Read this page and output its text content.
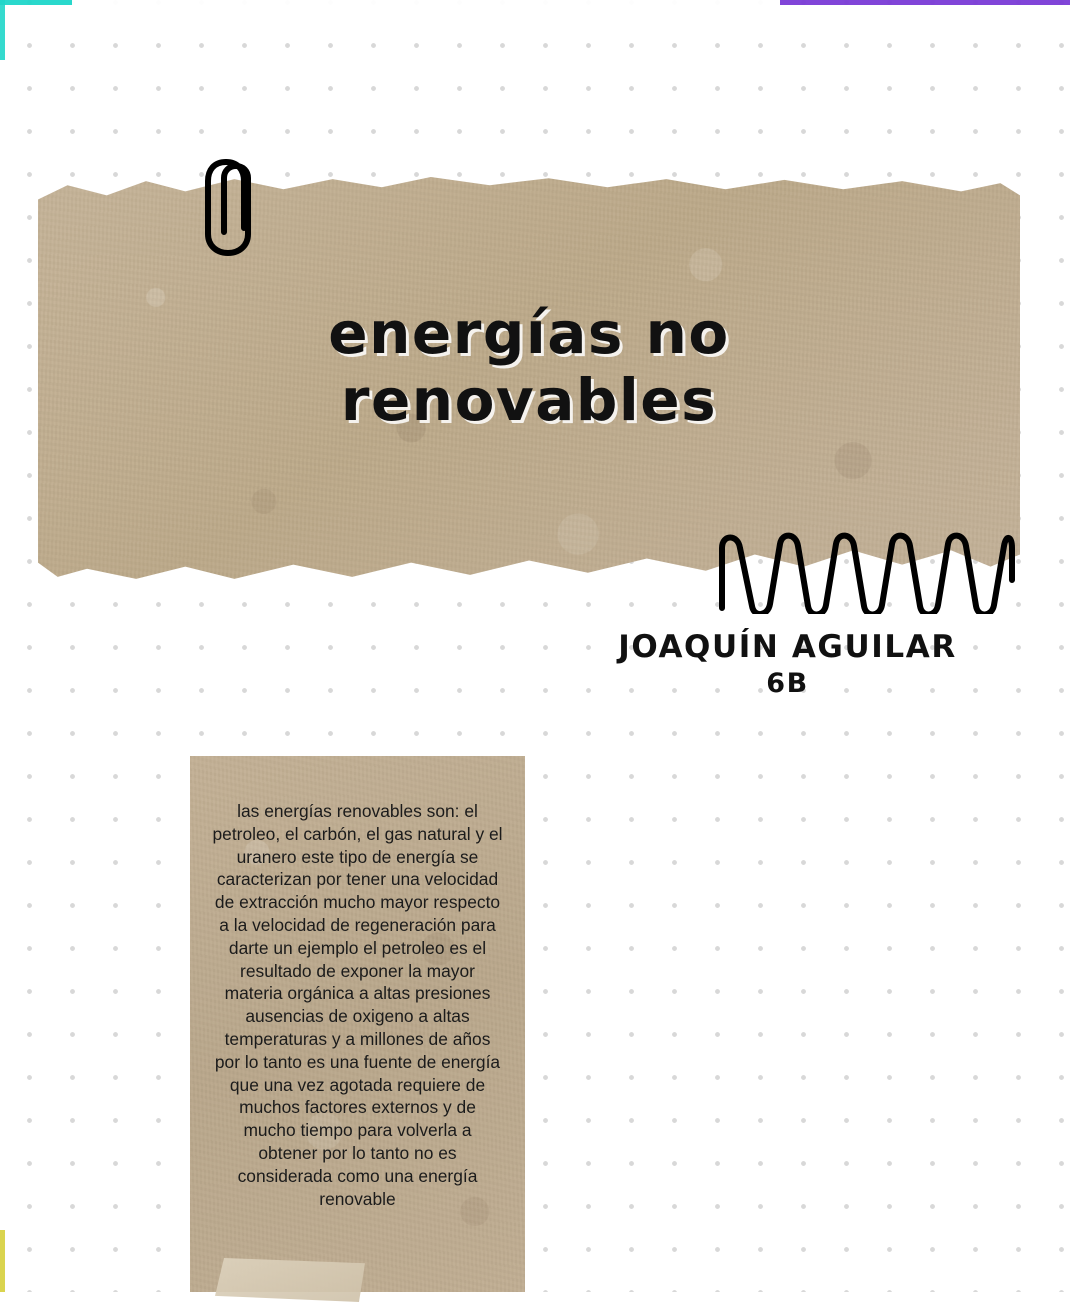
energías no
renovables
JOAQUÍN AGUILAR
6B
las energías renovables son: el petroleo, el carbón, el gas natural y el uranero este tipo de energía se caracterizan por tener una velocidad de extracción mucho mayor respecto a la velocidad de regeneración para darte un ejemplo el petroleo es el resultado de exponer la mayor materia orgánica a altas presiones ausencias de oxigeno a altas temperaturas y a millones de años por lo tanto es una fuente de energía que una vez agotada requiere de muchos factores externos y de mucho tiempo para volverla a obtener por lo tanto no es considerada como una energía renovable
